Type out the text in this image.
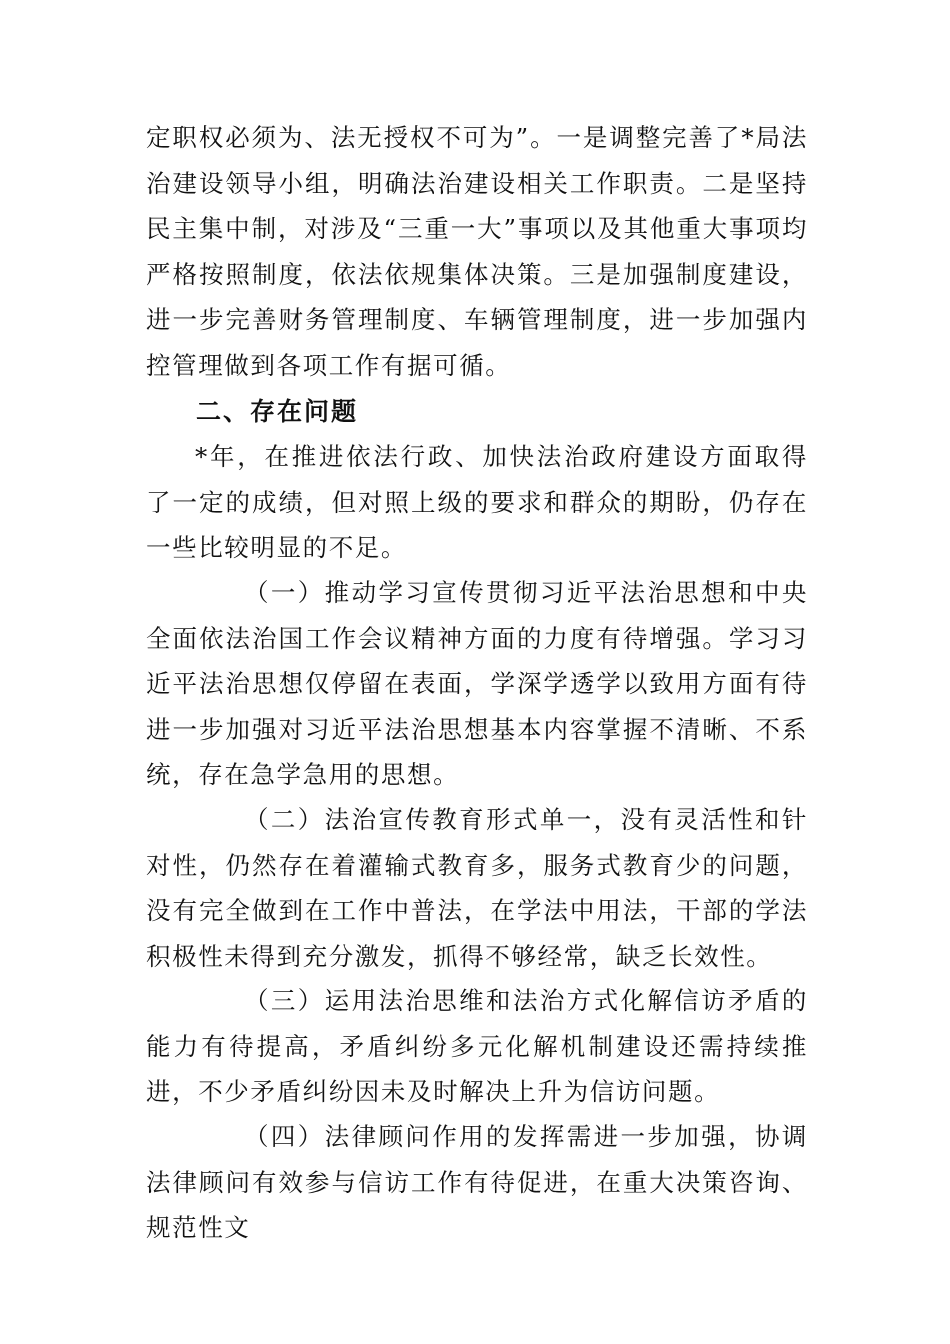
定职权必须为、法无授权不可为”。一是调整完善了*局法治建设领导小组，明确法治建设相关工作职责。二是坚持民主集中制，对涉及“三重一大”事项以及其他重大事项均严格按照制度，依法依规集体决策。三是加强制度建设，进一步完善财务管理制度、车辆管理制度，进一步加强内控管理做到各项工作有据可循。

二、存在问题

*年，在推进依法行政、加快法治政府建设方面取得了一定的成绩，但对照上级的要求和群众的期盼，仍存在一些比较明显的不足。

（一）推动学习宣传贯彻习近平法治思想和中央全面依法治国工作会议精神方面的力度有待增强。学习习近平法治思想仅停留在表面，学深学透学以致用方面有待进一步加强对习近平法治思想基本内容掌握不清晰、不系统，存在急学急用的思想。

（二）法治宣传教育形式单一，没有灵活性和针对性，仍然存在着灌输式教育多，服务式教育少的问题，没有完全做到在工作中普法，在学法中用法，干部的学法积极性未得到充分激发，抓得不够经常，缺乏长效性。

（三）运用法治思维和法治方式化解信访矛盾的能力有待提高，矛盾纠纷多元化解机制建设还需持续推进，不少矛盾纠纷因未及时解决上升为信访问题。

（四）法律顾问作用的发挥需进一步加强，协调法律顾问有效参与信访工作有待促进，在重大决策咨询、规范性文
